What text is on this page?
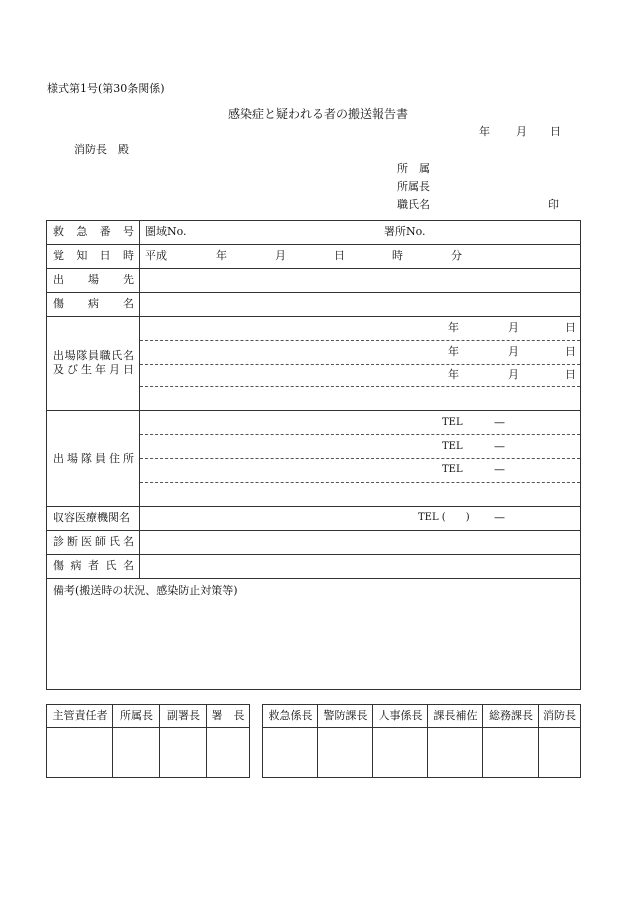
様式第1号(第30条関係)
感染症と疑われる者の搬送報告書
年 月 日
消防長　殿
所　属
所属長
職氏名	印
救 急 番 号 圏域No.	署所No.
覚 知 日 時 平成	年	月	日	時	分
出 場 先
傷 病 名
出 場 隊 員 職 氏 名
及 び 生 年 月 日
年	月	日
年	月	日
年	月	日
出 場 隊 員 住 所
TEL	—
TEL	—
TEL	—
収容医療機関名	TEL (　　) —
診 断 医 師 氏 名
傷 病 者 氏 名
備考(搬送時の状況、感染防止対策等)
主管責任者	所属長	副署長	署　長	救急係長	警防課長	人事係長	課長補佐	総務課長 消防長
